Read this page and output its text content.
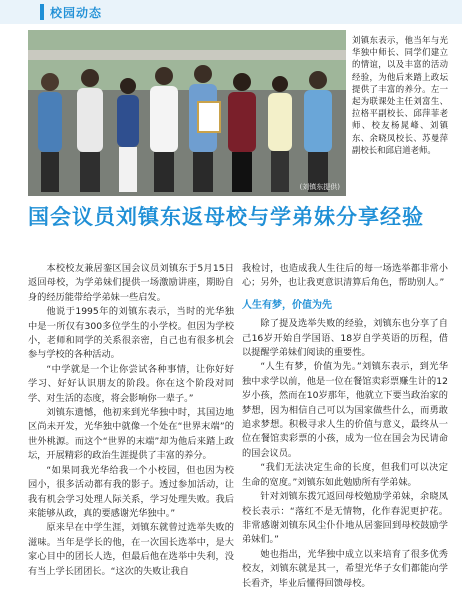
校园动态
(刘镇东提供)
刘镇东表示，他当年与光华独中师长、同学们建立的情谊，以及丰富的活动经验，为他后来踏上政坛提供了丰富的养分。左一起为联课处主任刘富生、拉格平副校长、邱萍菲老师、校友杨晁峰、刘镇东、余晓凤校长、苏曼萍副校长和邱启道老师。
国会议员刘镇东返母校与学弟妹分享经验

本校校友兼居銮区国会议员刘镇东于5月15日返回母校，为学弟妹们提供一场激励讲座，期盼自身的经历能带给学弟妹一些启发。

他说于1995年的刘镇东表示，当时的光华独中是一所仅有300多位学生的小学校。但因为学校小，老师和同学的关系很亲密，自己也有很多机会参与学校的各种活动。

“中学就是一个让你尝试各种事情，让你好好学习、好好认识朋友的阶段。你在这个阶段对同学、对生活的态度，将会影响你一辈子。”

刘镇东遗憾，他初来到光华独中时，其国边地区尚未开发，光华独中就像一个处在“世界末端”的世外桃源。而这个“世界的末端”却为他后来踏上政坛，开展精彩的政治生涯提供了丰富的养分。

“如果同我光华给我一个小校园，但也因为校园小，很多活动都有我的影子。透过参加活动，让我有机会学习处理人际关系，学习处理失败。我后来能够从政，真的要感谢光华独中。”

原来早在中学生涯，刘镇东就曾过选举失败的滋味。当年是学长的他，在一次国长选举中，是大家心目中的团长人选，但最后他在选举中失利，没有当上学长团团长。“这次的失败让我自

我检讨，也造成我人生往后的每一场选举都非常小心；另外，也让我更意识清算后角色，帮助别人。”

人生有梦，价值为先

除了提及选举失败的经验，刘镇东也分享了自己16岁开始自学国语、18岁自学英语的历程，借以提醒学弟妹们阅读的重要性。

“人生有梦，价值为先。”刘镇东表示，到光华独中求学以前，他是一位在餐馆卖彩票赚生计的12岁小孩，然而在10岁那年，他就立下要当政治家的梦想，因为相信自己可以为国家做些什么，而勇敢追求梦想。积极寻求人生的价值与意义，最终从一位在餐馆卖彩票的小孩，成为一位在国会为民请命的国会议员。

“我们无法决定生命的长度，但我们可以决定生命的宽度。”刘镇东如此勉励所有学弟妹。

针对刘镇东拨冗返回母校勉励学弟妹，余晓凤校长表示：“落红不是无情物，化作春泥更护花。非常感谢刘镇东风尘仆仆地从居銮回到母校鼓励学弟妹们。”

她也指出，光华独中成立以来培育了很多优秀校友，刘镇东就是其一，希望光华子女们都能向学长看齐，毕业后懂得回馈母校。
